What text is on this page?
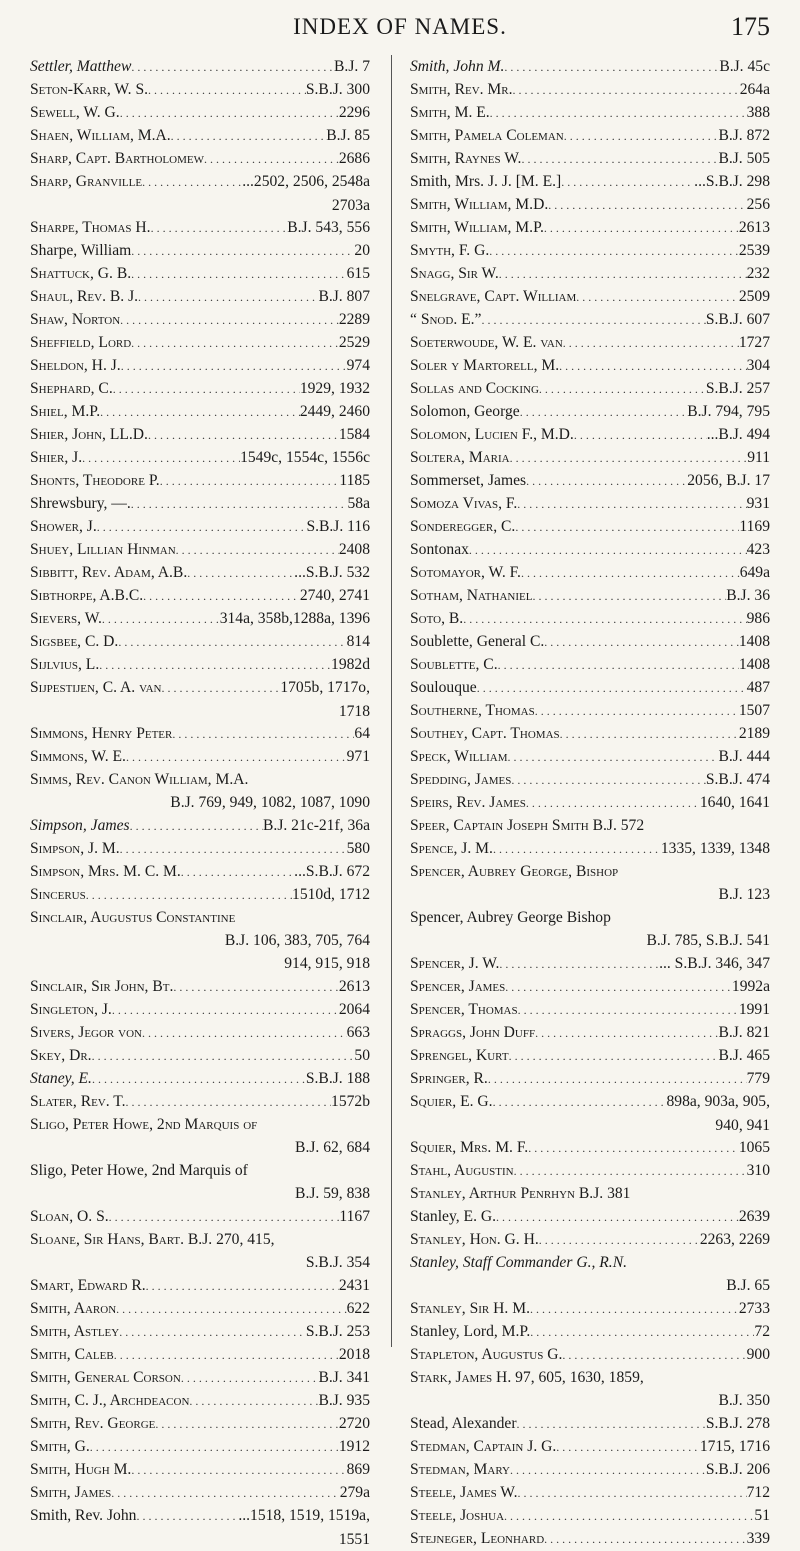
INDEX OF NAMES.	175
Settler, Matthew . . .	B.J. 7
Seton-Karr, W. S. . . .	S.B.J. 300
Sewell, W. G. . . .	2296
Shaen, William, M.A. . . .	B.J. 85
Sharp, Capt. Bartholomew . . .	2686
Sharp, Granville . . .	...2502, 2506, 2548a
2703a
Sharpe, Thomas H. . . .	B.J. 543, 556
Sharpe, William . . .	20
Shattuck, G. B. . . .	615
Shaul, Rev. B. J. . . .	B.J. 807
Shaw, Norton . . .	2289
Sheffield, Lord . . .	2529
Sheldon, H. J. . . .	974
Shephard, C. . . .	1929, 1932
Shiel, M.P. . . .	2449, 2460
Shier, John, LL.D. . . .	1584
Shier, J. . . .	1549c, 1554c, 1556c
Shonts, Theodore P. . . .	1185
Shrewsbury, —. . . .	58a
Shower, J. . . .	S.B.J. 116
Shuey, Lillian Hinman . . .	2408
Sibbitt, Rev. Adam, A.B. . . .	...S.B.J. 532
Sibthorpe, A.B.C. . . .	2740, 2741
Sievers, W. . . .	314a, 358b,1288a, 1396
Sigsbee, C. D. . . .	814
Sijlvius, L. . . .	1982d
Sijpestijen, C. A. van . . .	1705b, 1717o,
1718
Simmons, Henry Peter . . .	64
Simmons, W. E. . . .	971
Simms, Rev. Canon William, M.A.
B.J. 769, 949, 1082, 1087, 1090
Simpson, James . . .	B.J. 21c-21f, 36a
Simpson, J. M. . . .	580
Simpson, Mrs. M. C. M. . . .	...S.B.J. 672
Sincerus . . .	1510d, 1712
Sinclair, Augustus Constantine
B.J. 106, 383, 705, 764
914, 915, 918
Sinclair, Sir John, Bt. . . .	2613
Singleton, J. . . .	2064
Sivers, Jegor von . . .	663
Skey, Dr. . . .	50
Staney, E. . . .	S.B.J. 188
Slater, Rev. T. . . .	1572b
Sligo, Peter Howe, 2nd Marquis of
B.J. 62, 684
Sligo, Peter Howe, 2nd Marquis of
B.J. 59, 838
Sloan, O. S. . . .	1167
Sloane, Sir Hans, Bart. B.J. 270, 415,
S.B.J. 354
Smart, Edward R. . . .	2431
Smith, Aaron . . .	622
Smith, Astley . . .	S.B.J. 253
Smith, Caleb . . .	2018
Smith, General Corson . . .	B.J. 341
Smith, C. J., Archdeacon . . .	B.J. 935
Smith, Rev. George . . .	2720
Smith, G. . . .	1912
Smith, Hugh M. . . .	869
Smith, James . . .	279a
Smith, Rev. John . . .	...1518, 1519, 1519a,
1551
Smith, John M. . . .	B.J. 45c
Smith, Rev. Mr. . . .	264a
Smith, M. E. . . .	388
Smith, Pamela Coleman . . .	B.J. 872
Smith, Raynes W. . . .	B.J. 505
Smith, Mrs. J. J. [M. E.] . . .	...S.B.J. 298
Smith, William, M.D. . . .	256
Smith, William, M.P. . . .	2613
Smyth, F. G. . . .	2539
Snagg, Sir W. . . .	232
Snelgrave, Capt. William . . .	2509
“ Snod. E.” . . .	S.B.J. 607
Soeterwoude, W. E. van . . .	1727
Soler y Martorell, M. . . .	304
Sollas and Cocking . . .	S.B.J. 257
Solomon, George . . .	B.J. 794, 795
Solomon, Lucien F., M.D. . . .	...B.J. 494
Soltera, Maria . . .	911
Sommerset, James . . .	2056, B.J. 17
Somoza Vivas, F. . . .	931
Sonderegger, C. . . .	1169
Sontonax . . .	423
Sotomayor, W. F. . . .	649a
Sotham, Nathaniel . . .	B.J. 36
Soto, B. . . .	986
Soublette, General C. . . .	1408
Soublette, C. . . .	1408
Soulouque . . .	487
Southerne, Thomas . . .	1507
Southey, Capt. Thomas . . .	2189
Speck, William . . .	B.J. 444
Spedding, James . . .	S.B.J. 474
Speirs, Rev. James . . .	1640, 1641
Speer, Captain Joseph Smith B.J. 572
Spence, J. M. . . .	1335, 1339, 1348
Spencer, Aubrey George, Bishop
B.J. 123
Spencer, Aubrey George Bishop
B.J. 785, S.B.J. 541
Spencer, J. W. . . .	... S.B.J. 346, 347
Spencer, James . . .	1992a
Spencer, Thomas . . .	1991
Spraggs, John Duff . . .	B.J. 821
Sprengel, Kurt . . .	B.J. 465
Springer, R. . . .	779
Squier, E. G. . . .	898a, 903a, 905,
940, 941
Squier, Mrs. M. F. . . .	1065
Stahl, Augustin . . .	310
Stanley, Arthur Penrhyn B.J. 381
Stanley, E. G. . . .	2639
Stanley, Hon. G. H. . . .	2263, 2269
Stanley, Staff Commander G., R.N.
B.J. 65
Stanley, Sir H. M. . . .	2733
Stanley, Lord, M.P. . . .	72
Stapleton, Augustus G. . . .	900
Stark, James H. 97, 605, 1630, 1859,
B.J. 350
Stead, Alexander . . .	S.B.J. 278
Stedman, Captain J. G. . . .	1715, 1716
Stedman, Mary . . .	S.B.J. 206
Steele, James W. . . .	712
Steele, Joshua . . .	51
Stejneger, Leonhard . . .	339
